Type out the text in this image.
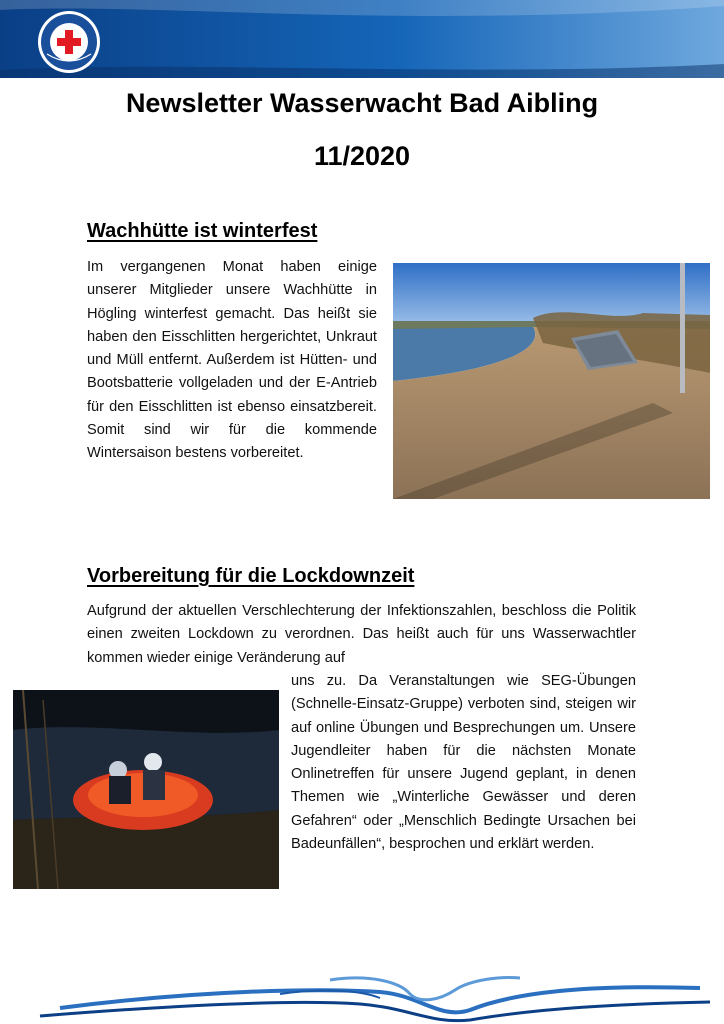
Newsletter Wasserwacht Bad Aibling
11/2020
Wachhütte ist winterfest

Im vergangenen Monat haben einige unserer Mitglieder unsere Wachhütte in Högling winterfest gemacht. Das heißt sie haben den Eisschlitten hergerichtet, Unkraut und Müll entfernt. Außerdem ist Hütten- und Bootsbatterie vollgeladen und der E-Antrieb für den Eisschlitten ist ebenso einsatzbereit. Somit sind wir für die kommende Wintersaison bestens vorbereitet.

Vorbereitung für die Lockdownzeit

Aufgrund der aktuellen Verschlechterung der Infektionszahlen, beschloss die Politik einen zweiten Lockdown zu verordnen. Das heißt auch für uns Wasserwachtler kommen wieder einige Veränderung auf

uns zu. Da Veranstaltungen wie SEG-Übungen (Schnelle-Einsatz-Gruppe) verboten sind, steigen wir auf online Übungen und Besprechungen um. Unsere Jugendleiter haben für die nächsten Monate Onlinetreffen für unsere Jugend geplant, in denen Themen wie „Winterliche Gewässer und deren Gefahren“ oder „Menschlich Bedingte Ursachen bei Badeunfällen“, besprochen und erklärt werden.
